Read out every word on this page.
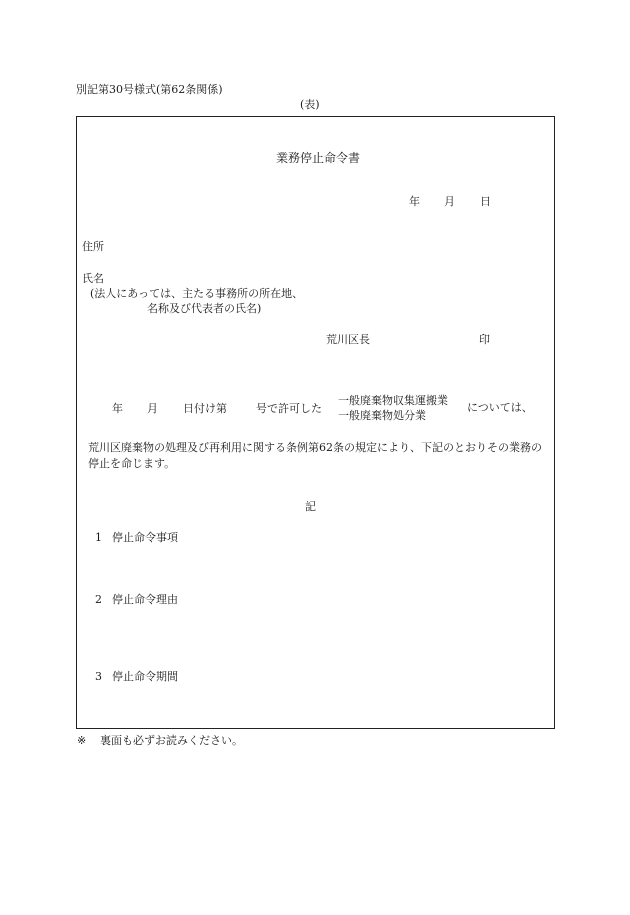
別記第30号様式(第62条関係)
(表)
業務停止命令書
年 月 日
住所
氏名
(法人にあっては、主たる事務所の所在地、
名称及び代表者の氏名)
荒川区長	印
年 月 日付け第	号で許可した
一般廃棄物収集運搬業
一般廃棄物処分業
については、
荒川区廃棄物の処理及び再利用に関する条例第62条の規定により、下記のとおりその業務の停止を命じます。
記
1 停止命令事項
2 停止命令理由
3 停止命令期間
※ 裏面も必ずお読みください。
